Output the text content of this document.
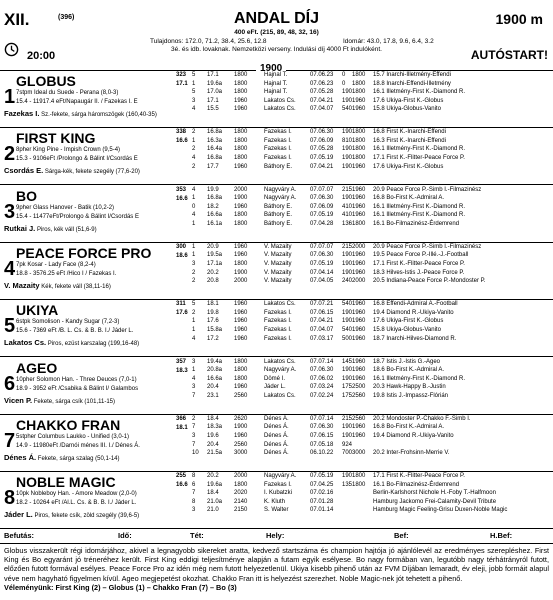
XII.	(396)	ANDAL DÍJ	1900 m
400 eFt. (215, 89, 48, 32, 16)
Tulajdonos: 172.0, 71.2, 38.4, 25.6, 12.8	Idomár: 43.0, 17.8, 9.6, 6.4, 3.2
3é. és idb. lovaknak. Nemzetközi verseny. Indulási díj 4000 Ft indulóként.
20:00	AUTÓSTART!
1900
1
GLOBUS	323
17.1
7stpm Ideal du Suede - Perana (8,0-3)
15.4 - 11917.4 eFt/Napaugár II. / Fazekas I. E
Fazekas I. Sz.-fekete, sárga háromszögek (160,40-35)
5 17.1	1800	Hajnal T.	07.06.23 0 1800 15.7 Inarchi-Illetmény-Effendi
1 19.6a 1800	Hajnal T.	07.06.23 0 1800 18.8 Inarchi-Effendi-Illetmény
5 17.0a 1800	Hajnal T.	07.05.28 190 1800 16.1 Illetmény-First K.-Diamond R.
3 17.1	1960	Lakatos Cs. 07.04.21 190 1960 17.6 Ukiya-First K.-Globus
4 15.5	1960	Lakatos Cs. 07.04.07 540 1960 15.8 Ukiya-Globus-Vanito
2
FIRST KING	338
16.6
8pher King Pine - Impish Crown (9,5-4)
15.3 - 9106eFt /Prolongo & Bálint I/Csordás E
Csordás E. Sárga-kék, fekete szegély (77,6-20)
2 16.8a 1800	Fazekas I.	07.06.30 190 1800 16.8 First K.-Inarchi-Effendi
1 16.3a 1800	Fazekas I.	07.06.09 810 1800 16.3 First K.-Inarchi-Effendi
2 16.4a 1800	Fazekas I.	07.05.28 190 1800 16.1 Illetmény-First K.-Diamond R.
4 16.8a 1800	Fazekas I.	07.05.19 190 1800 17.1 First K.-Flitter-Peace Force P.
2 17.7	1960	Báthory E.	07.04.21 190 1960 17.6 Ukiya-First K.-Globus
3
BO	353
16.6
9pher Glass Hanover - Batik (10,2-2)
15.4 - 11477eFt/Prolongo & Bálint I/Csordás E
Rutkai J. Piros, kék váll (51,6-9)
4 19.9	2000	Nagyváry A. 07.07.07 215 1960 20.9 Peace Force P.-Simb I.-Filmazinész
1 16.8a 1900	Nagyváry A. 07.06.30 190 1960 16.8 Bo-First K.-Admiral A.
0 18.2	1960	Báthory E.	07.06.09 410 1960 16.1 Illetmény-First K.-Diamond R.
4 16.6a 1800	Báthory E.	07.05.19 410 1960 16.1 Illetmény-First K.-Diamond R.
1 16.1a 1800	Báthory E.	07.04.28 136 1800 16.1 Bo-Filmazinész-Érdemrend
4
PEACE FORCE PRO	300
18.6
7pk Kosar - Lady Face (8,2-4)
18.8 - 3576.25 eFt /Hico I / Fazekas I.
V. Mazaity Kék, fekete váll (38,11-16)
1 20.9	1960	V. Mazaity	07.07.07 215 2000 20.9 Peace Force P.-Simb I.-Filmazinész
1 19.5a 1960	V. Mazaity	07.06.30 190 1960 19.5 Peace Force P.-Illé.-J.-Football
3 17.1a 1800	V. Mazaity	07.05.19 190 1960 17.1 First K.-Flitter-Peace Force P.
2 20.2	1900	V. Mazaity	07.04.14 190 1960 18.3 Hilves-Istis J.-Peace Force P.
2 20.8	2000	V. Mazaity	07.04.05 240 2000 20.5 Indiana-Peace Force P.-Mondoster P.
5
UKIYA	311
17.6
6stpk Somolison - Kandy Sugar (7,2-3)
15.6 - 7369 eFt /B. L. Cs. & B. B. I./ Jáder L.
Lakatos Cs. Piros, ezüst karszalag (199,16-48)
5 18.1	1960	Lakatos Cs. 07.07.21 540 1960 16.8 Effendi-Admiral A.-Football
2 19.8	1960	Fazekas I.	07.06.15 190 1960 19.4 Diamond R.-Ukiya-Vanito
1 17.6	1960	Fazekas I.	07.04.21 190 1960 17.6 Ukiya-First K.-Globus
1 15.8a 1960	Fazekas I.	07.04.07 540 1960 15.8 Ukiya-Globus-Vanito
4 17.2	1960	Fazekas I.	07.03.17 500 1960 18.7 Inarchi-Hilves-Diamond R.
6
AGEO	357
18.3
10pher Solomon Han. - Three Deuces (7,0-1)
18.9 - 3952 eFt /Csabika & Bálint I/ Galambos
Vicen P. Fekete, sárga csík (101,11-15)
3 19.4a 1800	Lakatos Cs. 07.07.14 145 1960 18.7 Istis J.-Istis G.-Ageo
1 20.8a 1800	Nagyváry A. 07.06.30 190 1960 18.6 Bo-First K.-Admiral A.
4 16.6a 1800	Dömé I.	07.06.02 190 1960 16.1 Illetmény-First K.-Diamond R.
3 20.4	1960	Jáder L.	07.03.24 175 2500 20.3 Hawk-Happy B.-Justin
7 23.1	2560	Lakatos Cs. 07.02.24 175 2560 19.8 Istis J.-Impassz-Flórián
7
CHAKKO FRAN	366
18.1
5stpher Columbus Laukko - Unified (3,0-1)
14.9 - 11980eFt /Darnói ménes III. I./ Dénes Á.
Dénes Á. Fekete, sárga szalag (50,1-14)
2 18.4	2620	Dénes Á.	07.07.14 215 2560 20.2 Mondoster P.-Chakko F.-Simb I.
7 18.3a 1900	Dénes Á.	07.06.30 190 1960 16.8 Bo-First K.-Admiral A.
3 19.6	1960	Dénes Á.	07.06.15 190 1960 19.4 Diamond R.-Ukiya-Vanito
7 20.4	2560	Dénes Á.	07.05.18 924
10 21.5a 3000	Dénes Á.	06.10.22 700 3000 20.2 Inter-Frohsinn-Merrie V.
8
NOBLE MAGIC	255
16.6
10pk Nobleboy Han. - Amore Meadow (2,0-0)
18.2 - 10264 eFt /Al.L. Cs. & B. B. I./ Jáder L.
Jáder L. Piros, fekete csík, zöld szegély (39,6-5)
8 20.2	2000	Nagyváry A. 07.05.19 190 1800 17.1 First K.-Flitter-Peace Force P.
6 19.6a 1800	Fazekas I.	07.04.25 135 1800 16.1 Bo-Filmazinész-Érdemrend
7 18.4	2020	I. Kubatzki	07.02.16	Berlin-Karlshorst Nichole H.-Foby T.-Halfmoon
8 21.0a 2140	K. Kluth	07.01.28	Hamburg Jackomo Frei-Calamity-Devil Tribute
3 21.0	2150	S. Walter	07.01.14	Hamburg Magic Feeling-Grisu Duxen-Noble Magic
Befutás:	Idő:	Tét:	Hely:	Bef:	H.Bef:
Globus visszakerült régi idomárjához, akivel a legnagyobb sikereket aratta, kedvező startszáma és champion hajtója jó ajánlólevél az eredményes szerepléshez. First King és Bo egyaránt jó tréneréhez került. First King eddigi teljesítménye alapján a futam egyik esélyese. Bo nagy formában van, legutóbb nagy térhátrányról futott, előzően futott formával esélyes. Peace Force Pro az idén még nem futott helyezetlenül. Ukiya kisebb pihenő után az FVM Díjában lemaradt, év eleji, jobb formáit alapul véve nem hagyható figyelmen kívül. Ageo megjepetést okozhat. Chakko Fran itt is helyezést szerezhet. Noble Magic-nek jót tehetett a pihenő.
Véleményünk: First King (2) – Globus (1) – Chakko Fran (7) – Bo (3)
